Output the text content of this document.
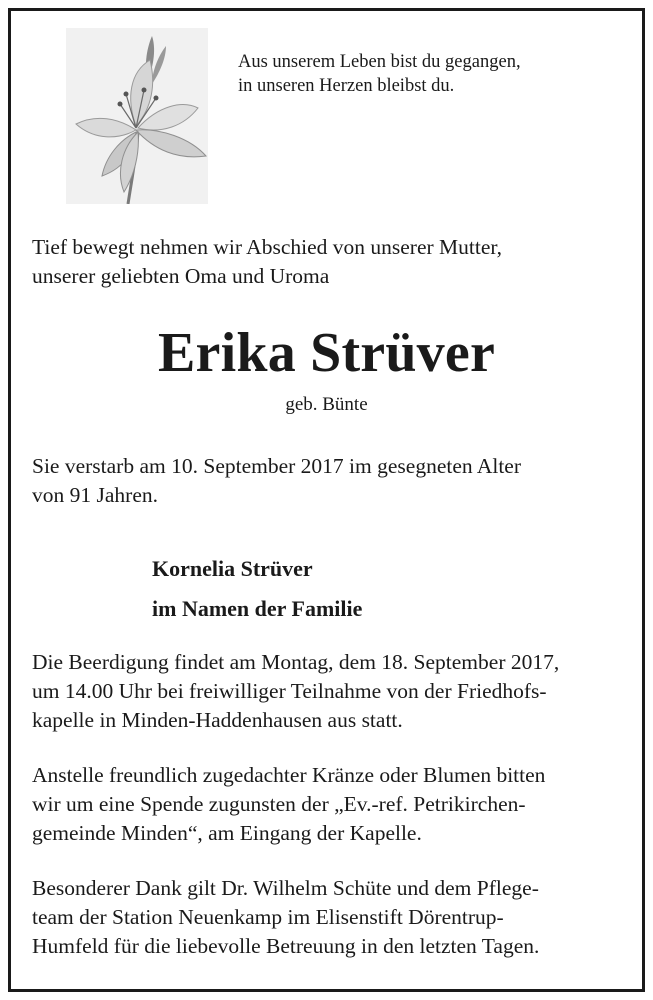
Aus unserem Leben bist du gegangen,
in unseren Herzen bleibst du.
Tief bewegt nehmen wir Abschied von unserer Mutter,
unserer geliebten Oma und Uroma
Erika Strüver
geb. Bünte
Sie verstarb am 10. September 2017 im gesegneten Alter
von 91 Jahren.
Kornelia Strüver
im Namen der Familie
Die Beerdigung findet am Montag, dem 18. September 2017,
um 14.00 Uhr bei freiwilliger Teilnahme von der Friedhofs-
kapelle in Minden-Haddenhausen aus statt.
Anstelle freundlich zugedachter Kränze oder Blumen bitten
wir um eine Spende zugunsten der „Ev.-ref. Petrikirchen-
gemeinde Minden“, am Eingang der Kapelle.
Besonderer Dank gilt Dr. Wilhelm Schüte und dem Pflege-
team der Station Neuenkamp im Elisenstift Dörentrup-
Humfeld für die liebevolle Betreuung in den letzten Tagen.
